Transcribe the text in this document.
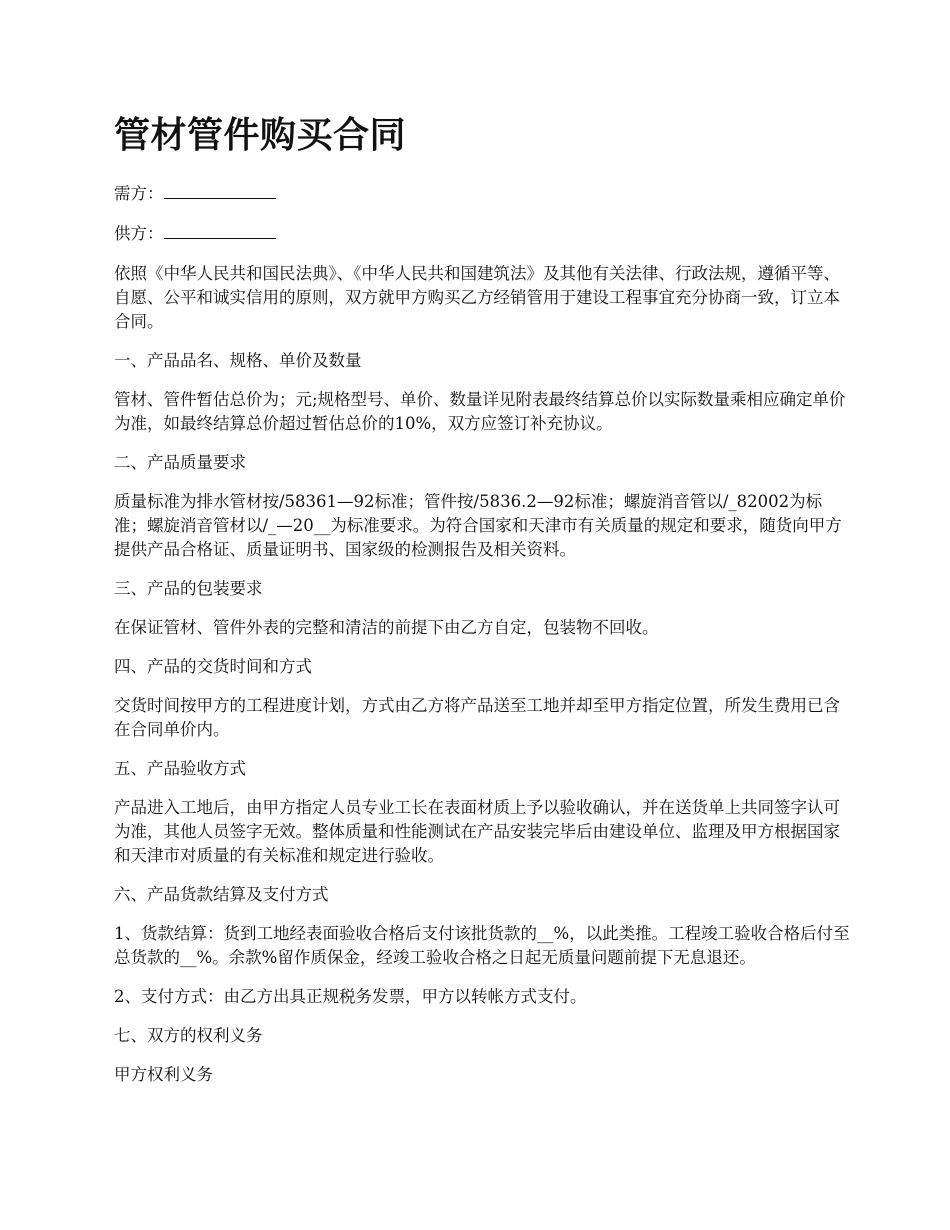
管材管件购买合同

需方：

供方：

依照《中华人民共和国民法典》、《中华人民共和国建筑法》及其他有关法律、行政法规，遵循平等、自愿、公平和诚实信用的原则，双方就甲方购买乙方经销管用于建设工程事宜充分协商一致，订立本合同。

一、产品品名、规格、单价及数量

管材、管件暂估总价为；元;规格型号、单价、数量详见附表最终结算总价以实际数量乘相应确定单价为准，如最终结算总价超过暂估总价的10%，双方应签订补充协议。

二、产品质量要求

质量标准为排水管材按/58361—92标准；管件按/5836.2—92标准；螺旋消音管以/_82002为标准；螺旋消音管材以/_—20__为标准要求。为符合国家和天津市有关质量的规定和要求，随货向甲方提供产品合格证、质量证明书、国家级的检测报告及相关资料。

三、产品的包装要求

在保证管材、管件外表的完整和清洁的前提下由乙方自定，包装物不回收。

四、产品的交货时间和方式

交货时间按甲方的工程进度计划，方式由乙方将产品送至工地并却至甲方指定位置，所发生费用已含在合同单价内。

五、产品验收方式

产品进入工地后，由甲方指定人员专业工长在表面材质上予以验收确认，并在送货单上共同签字认可为准，其他人员签字无效。整体质量和性能测试在产品安装完毕后由建设单位、监理及甲方根据国家和天津市对质量的有关标准和规定进行验收。

六、产品货款结算及支付方式

1、货款结算：货到工地经表面验收合格后支付该批货款的__%，以此类推。工程竣工验收合格后付至总货款的__%。余款%留作质保金，经竣工验收合格之日起无质量问题前提下无息退还。

2、支付方式：由乙方出具正规税务发票，甲方以转帐方式支付。

七、双方的权利义务

甲方权利义务
